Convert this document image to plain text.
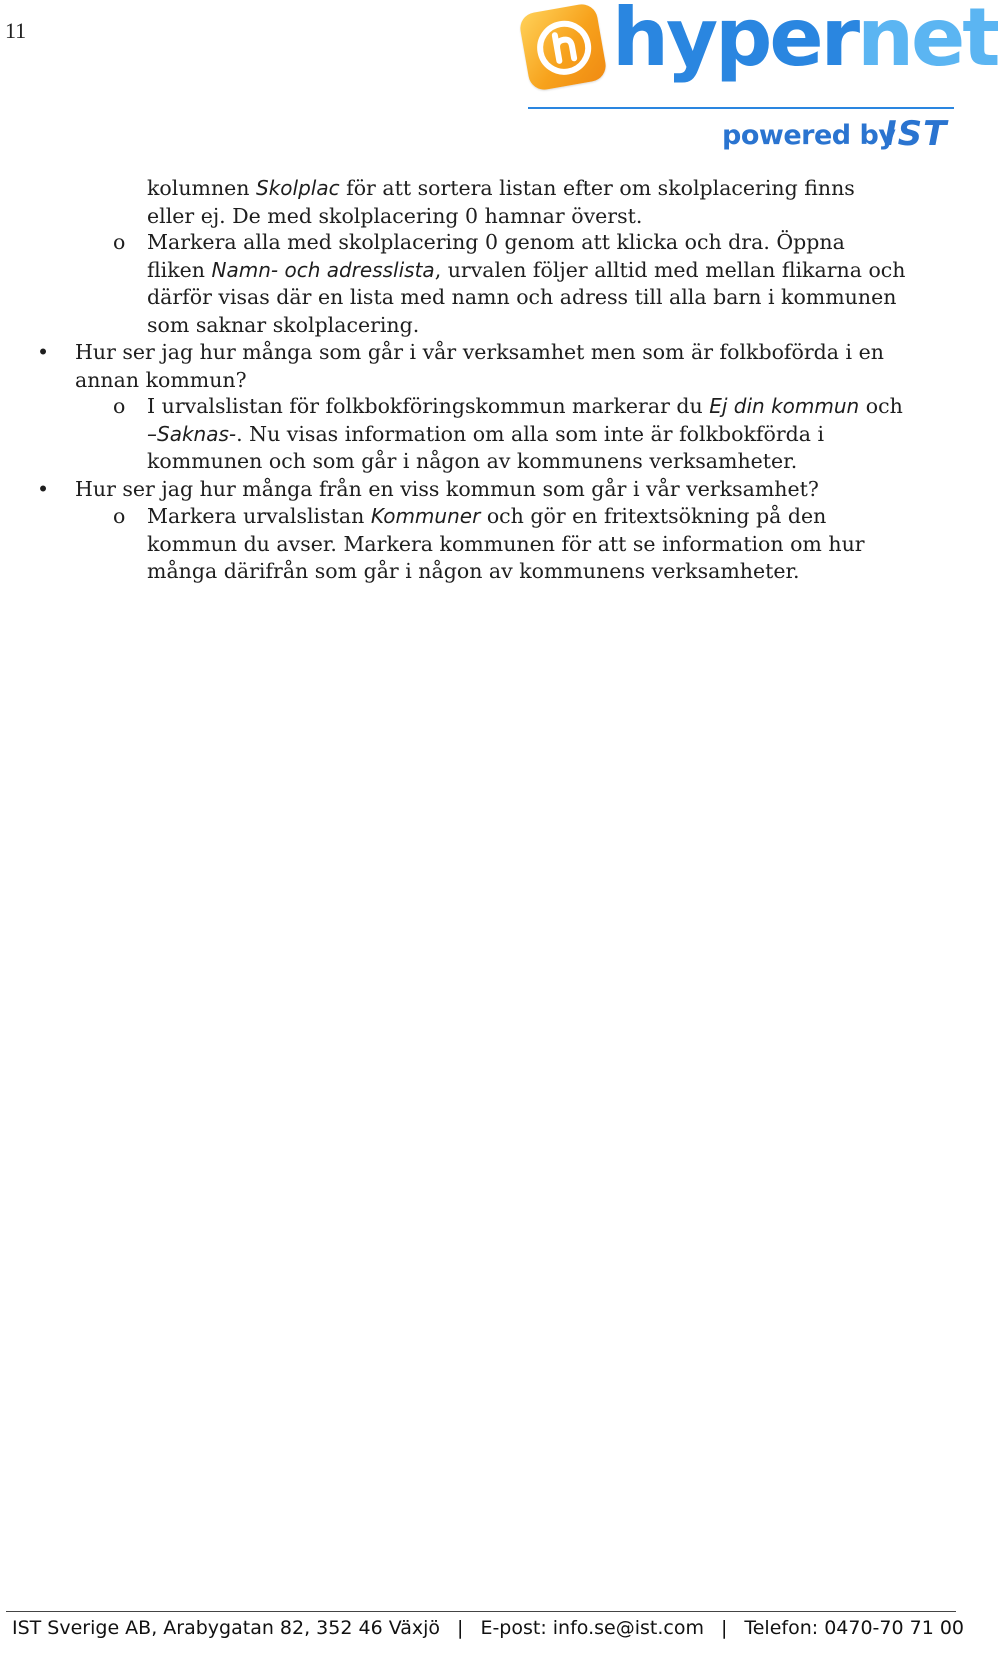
11	hypernet
powered by
IST
kolumnen Skolplac för att sortera listan efter om skolplacering finns eller ej. De med skolplacering 0 hamnar överst.
o Markera alla med skolplacering 0 genom att klicka och dra. Öppna fliken Namn- och adresslista, urvalen följer alltid med mellan flikarna och därför visas där en lista med namn och adress till alla barn i kommunen som saknar skolplacering.
• Hur ser jag hur många som går i vår verksamhet men som är folkboförda i en annan kommun?
o I urvalslistan för folkbokföringskommun markerar du Ej din kommun och –Saknas-. Nu visas information om alla som inte är folkbokförda i kommunen och som går i någon av kommunens verksamheter.
• Hur ser jag hur många från en viss kommun som går i vår verksamhet?
o Markera urvalslistan Kommuner och gör en fritextsökning på den kommun du avser. Markera kommunen för att se information om hur många därifrån som går i någon av kommunens verksamheter.
IST Sverige AB, Arabygatan 82, 352 46 Växjö | E-post: info.se@ist.com | Telefon: 0470-70 71 00
